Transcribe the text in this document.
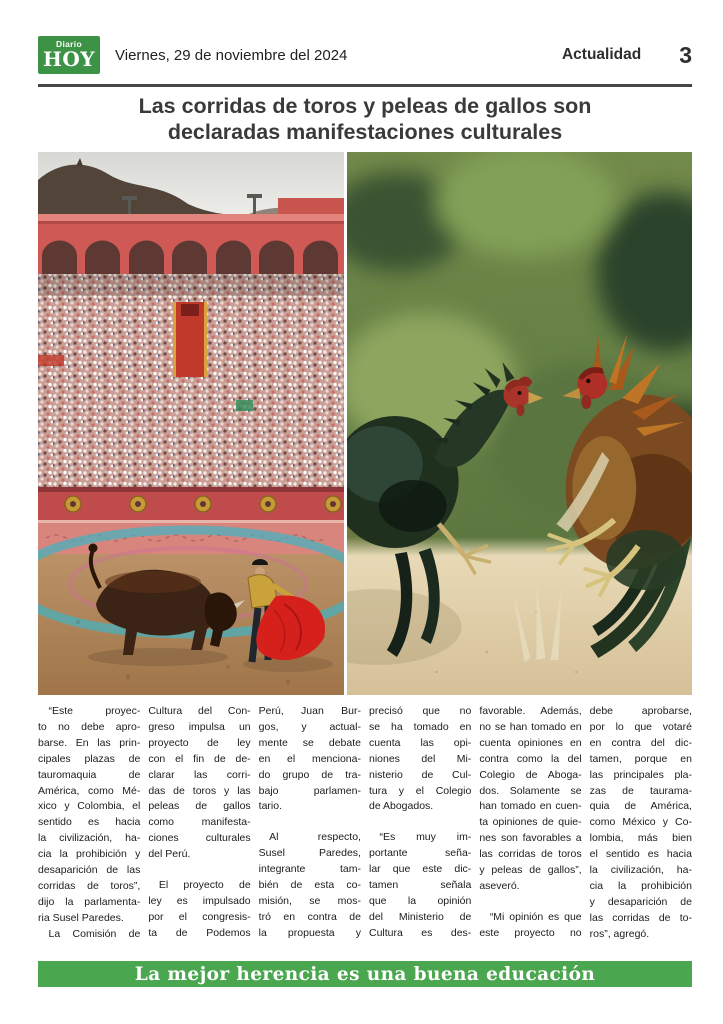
Diario
HOY Viernes, 29 de noviembre del 2024	Actualidad 3
Las corridas de toros y peleas de gallos son
declaradas manifestaciones culturales
“Este proyec-
to no debe apro-
barse. En las prin-
cipales plazas de
tauromaquia de
América, como Mé-
xico y Colombia, el
sentido es hacia
la civilización, ha-
cia la prohibición y
desaparición de las
corridas de toros”,
dijo la parlamenta-
ria Susel Paredes.
La Comisión de
Cultura del Con-
greso impulsa un
proyecto de ley
con el fin de de-
clarar las corri-
das de toros y las
peleas de gallos
como manifesta-
ciones culturales
del Perú.
El proyecto de
ley es impulsado
por el congresis-
ta de Podemos
Perú, Juan Bur-
gos, y actual-
mente se debate
en el menciona-
do grupo de tra-
bajo parlamen-
tario.
Al respecto,
Susel Paredes,
integrante tam-
bién de esta co-
misión, se mos-
tró en contra de
la propuesta y
precisó que no
se ha tomado en
cuenta las opi-
niones del Mi-
nisterio de Cul-
tura y el Colegio
de Abogados.
“Es muy im-
portante seña-
lar que este dic-
tamen señala
que la opinión
del Ministerio de
Cultura es des-
favorable. Además,
no se han tomado en
cuenta opiniones en
contra como la del
Colegio de Aboga-
dos. Solamente se
han tomado en cuen-
ta opiniones de quie-
nes son favorables a
las corridas de toros
y peleas de gallos”,
aseveró.
“Mi opinión es que
este proyecto no
debe aprobarse,
por lo que votaré
en contra del dic-
tamen, porque en
las principales pla-
zas de taurama-
quia de América,
como México y Co-
lombia, más bien
el sentido es hacia
la civilización, ha-
cia la prohibición
y desaparición de
las corridas de to-
ros”, agregó.
La mejor herencia es una buena educación
